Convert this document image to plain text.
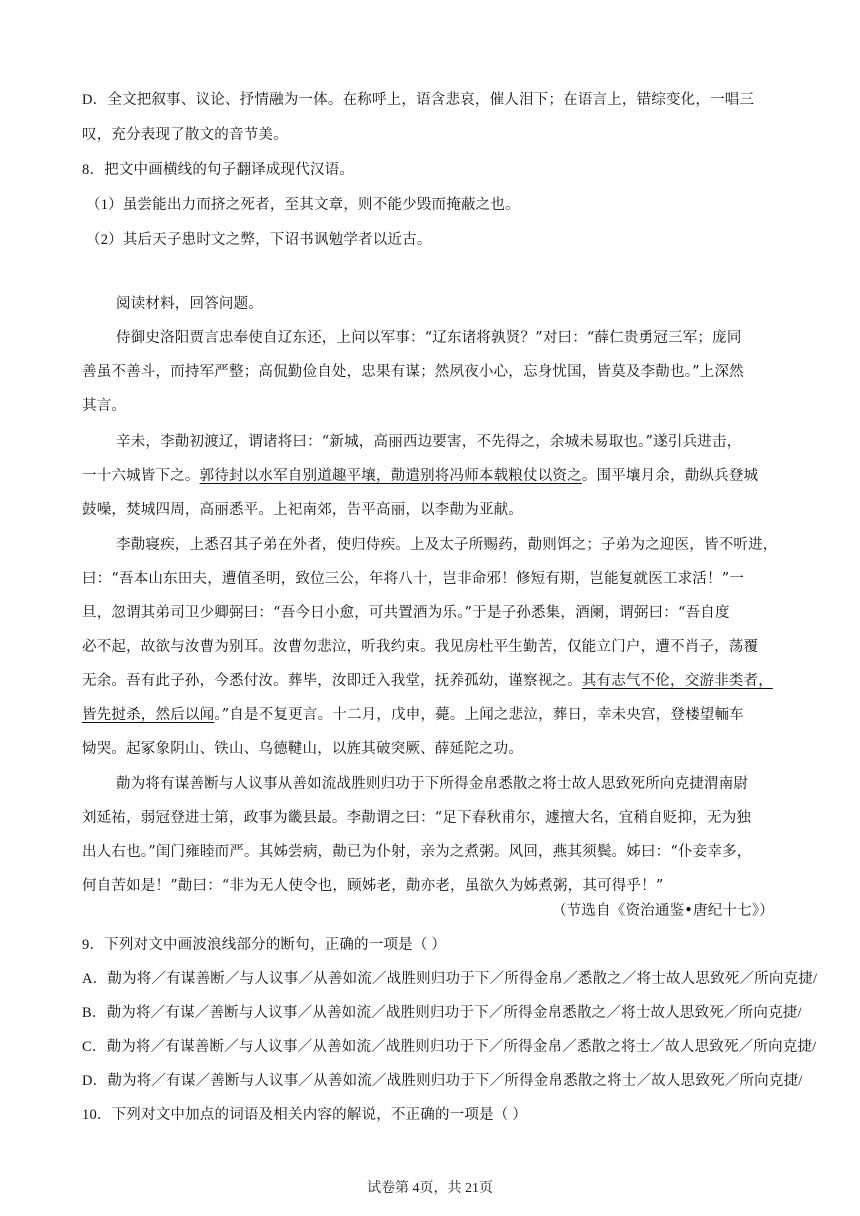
D．全文把叙事、议论、抒情融为一体。在称呼上，语含悲哀，催人泪下；在语言上，错综变化，一唱三
叹，充分表现了散文的音节美。
8．把文中画横线的句子翻译成现代汉语。
（1）虽尝能出力而挤之死者，至其文章，则不能少毁而掩蔽之也。
（2）其后天子患时文之弊，下诏书讽勉学者以近古。
阅读材料，回答问题。
侍御史洛阳贾言忠奉使自辽东还，上问以军事：“辽东诸将孰贤？”对曰：“薛仁贵勇冠三军；庞同
善虽不善斗，而持军严整；高侃勤俭自处，忠果有谋；然夙夜小心，忘身忧国，皆莫及李勣也。”上深然
其言。
辛未，李勣初渡辽，谓诸将曰：“新城，高丽西边要害，不先得之，余城未易取也。”遂引兵进击，
一十六城皆下之。郭待封以水军自别道趣平壤，勣遣别将冯师本载粮仗以资之。围平壤月余，勣纵兵登城
鼓噪，焚城四周，高丽悉平。上祀南郊，告平高丽，以李勣为亚献。
李勣寝疾，上悉召其子弟在外者，使归侍疾。上及太子所赐药，勣则饵之；子弟为之迎医，皆不听进，
曰：“吾本山东田夫，遭值圣明，致位三公，年将八十，岂非命邪！修短有期，岂能复就医工求活！”一
旦，忽谓其弟司卫少卿弼曰：“吾今日小愈，可共置酒为乐。”于是子孙悉集，酒阑，谓弼曰：“吾自度
必不起，故欲与汝曹为别耳。汝曹勿悲泣，听我约束。我见房杜平生勤苦，仅能立门户，遭不肖子，荡覆
无余。吾有此子孙，今悉付汝。葬毕，汝即迁入我堂，抚养孤幼，谨察视之。其有志气不伦，交游非类者，
皆先挝杀，然后以闻。”自是不复更言。十二月，戊申，薨。上闻之悲泣，葬日，幸未央宫，登楼望輀车
恸哭。起冢象阴山、铁山、乌德鞬山，以旌其破突厥、薛延陀之功。
勣为将有谋善断与人议事从善如流战胜则归功于下所得金帛悉散之将士故人思致死所向克捷渭南尉
刘延祐，弱冠登进士第，政事为畿县最。李勣谓之曰：“足下春秋甫尔，遽擅大名，宜稍自贬抑，无为独
出人右也。”闺门雍睦而严。其姊尝病，勣已为仆射，亲为之煮粥。风回，燕其须鬓。姊曰：“仆妾幸多，
何自苦如是！”勣曰：“非为无人使令也，顾姊老，勣亦老，虽欲久为姊煮粥，其可得乎！”
（节选自《资治通鉴•唐纪十七》）
9．下列对文中画波浪线部分的断句，正确的一项是（ ）
A．勣为将／有谋善断／与人议事／从善如流／战胜则归功于下／所得金帛／悉散之／将士故人思致死／所向克捷/
B．勣为将／有谋／善断与人议事／从善如流／战胜则归功于下／所得金帛悉散之／将士故人思致死／所向克捷/
C．勣为将／有谋善断／与人议事／从善如流／战胜则归功于下／所得金帛／悉散之将士／故人思致死／所向克捷/
D．勣为将／有谋／善断与人议事／从善如流／战胜则归功于下／所得金帛悉散之将士／故人思致死／所向克捷/
10．下列对文中加点的词语及相关内容的解说，不正确的一项是（ ）
试卷第 4页，共 21页
